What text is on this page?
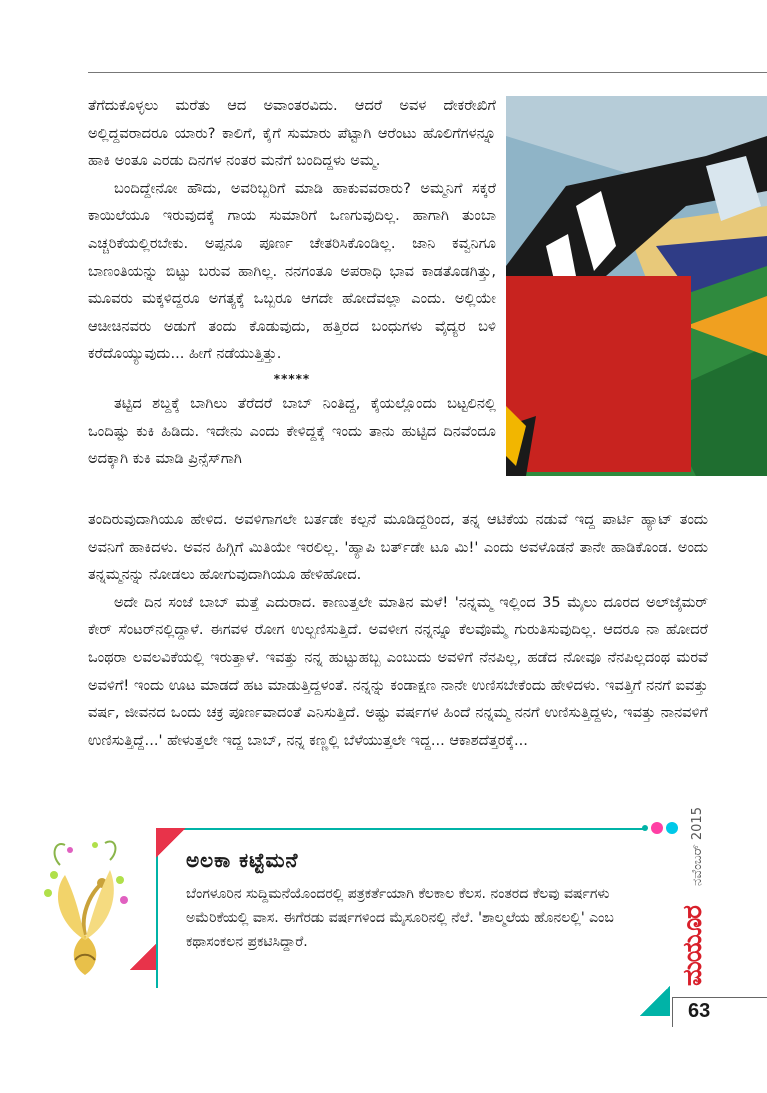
ತೆಗೆದುಕೊಳ್ಳಲು ಮರೆತು ಆದ ಅವಾಂತರವಿದು. ಆದರೆ ಅವಳ ದೇಕರೇಖಿಗೆ ಅಲ್ಲಿದ್ದವರಾದರೂ ಯಾರು? ಕಾಲಿಗೆ, ಕೈಗೆ ಸುಮಾರು ಪೆಟ್ಟಾಗಿ ಆರೆಂಟು ಹೊಲಿಗೆಗಳನ್ನೂ ಹಾಕಿ ಅಂತೂ ಎರಡು ದಿನಗಳ ನಂತರ ಮನೆಗೆ ಬಂದಿದ್ದಳು ಅಮ್ಮ.

ಬಂದಿದ್ದೇನೋ ಹೌದು, ಅವರಿಬ್ಬರಿಗೆ ಮಾಡಿ ಹಾಕುವವರಾರು? ಅಮ್ಮನಿಗೆ ಸಕ್ಕರೆ ಕಾಯಿಲೆಯೂ ಇರುವುದಕ್ಕೆ ಗಾಯ ಸುಮಾರಿಗೆ ಒಣಗುವುದಿಲ್ಲ. ಹಾಗಾಗಿ ತುಂಬಾ ಎಚ್ಚರಿಕೆಯಲ್ಲಿರಬೇಕು. ಅಪ್ಪನೂ ಪೂರ್ಣ ಚೇತರಿಸಿಕೊಂಡಿಲ್ಲ. ಜಾನಿ ಕವ್ವನಿಗೂ ಬಾಣಂತಿಯನ್ನು ಬಿಟ್ಟು ಬರುವ ಹಾಗಿಲ್ಲ. ನನಗಂತೂ ಅಪರಾಧಿ ಭಾವ ಕಾಡತೊಡಗಿತ್ತು, ಮೂವರು ಮಕ್ಕಳಿದ್ದರೂ ಅಗತ್ಯಕ್ಕೆ ಒಬ್ಬರೂ ಆಗದೇ ಹೋದೆವಲ್ಲಾ ಎಂದು. ಅಲ್ಲಿಯೇ ಆಚೀಚಿನವರು ಅಡುಗೆ ತಂದು ಕೊಡುವುದು, ಹತ್ತಿರದ ಬಂಧುಗಳು ವೈದ್ಯರ ಬಳಿ ಕರೆದೊಯ್ಯುವುದು... ಹೀಗೆ ನಡೆಯುತ್ತಿತ್ತು.

*****

ತಟ್ಟಿದ ಶಬ್ದಕ್ಕೆ ಬಾಗಿಲು ತೆರೆದರೆ ಬಾಬ್ ನಿಂತಿದ್ದ, ಕೈಯಲ್ಲೊಂದು ಬಟ್ಟಲಿನಲ್ಲಿ ಒಂದಿಷ್ಟು ಕುಕಿ ಹಿಡಿದು. ಇದೇನು ಎಂದು ಕೇಳಿದ್ದಕ್ಕೆ ಇಂದು ತಾನು ಹುಟ್ಟಿದ ದಿನವೆಂದೂ ಅದಕ್ಕಾಗಿ ಕುಕಿ ಮಾಡಿ ಪ್ರಿನ್ಸೆಸ್‌ಗಾಗಿ

ತಂದಿರುವುದಾಗಿಯೂ ಹೇಳಿದ. ಅವಳಿಗಾಗಲೇ ಬರ್ತಡೇ ಕಲ್ಪನೆ ಮೂಡಿದ್ದರಿಂದ, ತನ್ನ ಆಟಿಕೆಯ ನಡುವೆ ಇದ್ದ ಪಾರ್ಟಿ ಹ್ಯಾಟ್ ತಂದು ಅವನಿಗೆ ಹಾಕಿದಳು. ಅವನ ಹಿಗ್ಗಿಗೆ ಮಿತಿಯೇ ಇರಲಿಲ್ಲ. 'ಹ್ಯಾಪಿ ಬರ್ತ್‌ಡೇ ಟೂ ಮಿ!' ಎಂದು ಅವಳೊಡನೆ ತಾನೇ ಹಾಡಿಕೊಂಡ. ಅಂದು ತನ್ನಮ್ಮನನ್ನು ನೋಡಲು ಹೋಗುವುದಾಗಿಯೂ ಹೇಳಿಹೋದ.

ಅದೇ ದಿನ ಸಂಜೆ ಬಾಬ್ ಮತ್ತೆ ಎದುರಾದ. ಕಾಣುತ್ತಲೇ ಮಾತಿನ ಮಳೆ! 'ನನ್ನಮ್ಮ ಇಲ್ಲಿಂದ 35 ಮೈಲು ದೂರದ ಅಲ್‌ಜೈಮರ್ ಕೇರ್ ಸೆಂಟರ್‌ನಲ್ಲಿದ್ದಾಳೆ. ಈಗವಳ ರೋಗ ಉಲ್ಬಣಿಸುತ್ತಿದೆ. ಅವಳೀಗ ನನ್ನನ್ನೂ ಕೆಲವೊಮ್ಮೆ ಗುರುತಿಸುವುದಿಲ್ಲ. ಆದರೂ ನಾ ಹೋದರೆ ಒಂಥರಾ ಲವಲವಿಕೆಯಲ್ಲಿ ಇರುತ್ತಾಳೆ. ಇವತ್ತು ನನ್ನ ಹುಟ್ಟುಹಬ್ಬ ಎಂಬುದು ಅವಳಿಗೆ ನೆನಪಿಲ್ಲ, ಹಡೆದ ನೋವೂ ನೆನಪಿಲ್ಲದಂಥ ಮರವೆ ಅವಳಿಗೆ! ಇಂದು ಊಟ ಮಾಡದೆ ಹಟ ಮಾಡುತ್ತಿದ್ದಳಂತೆ. ನನ್ನನ್ನು ಕಂಡಾಕ್ಷಣ ನಾನೇ ಉಣಿಸಬೇಕೆಂದು ಹೇಳಿದಳು. ಇವತ್ತಿಗೆ ನನಗೆ ಐವತ್ತು ವರ್ಷ, ಜೀವನದ ಒಂದು ಚಕ್ರ ಪೂರ್ಣವಾದಂತೆ ಎನಿಸುತ್ತಿದೆ. ಅಷ್ಟು ವರ್ಷಗಳ ಹಿಂದೆ ನನ್ನಮ್ಮ ನನಗೆ ಉಣಿಸುತ್ತಿದ್ದಳು, ಇವತ್ತು ನಾನವಳಿಗೆ ಉಣಿಸುತ್ತಿದ್ದೆ...' ಹೇಳುತ್ತಲೇ ಇದ್ದ ಬಾಬ್, ನನ್ನ ಕಣ್ಣಲ್ಲಿ ಬೆಳೆಯುತ್ತಲೇ ಇದ್ದ... ಆಕಾಶದೆತ್ತರಕ್ಕೆ...

ಅಲಕಾ ಕಟ್ಟೆಮನೆ
ಬೆಂಗಳೂರಿನ ಸುದ್ದಿಮನೆಯೊಂದರಲ್ಲಿ ಪತ್ರಕರ್ತೆಯಾಗಿ ಕೆಲಕಾಲ ಕೆಲಸ. ನಂತರದ ಕೆಲವು ವರ್ಷಗಳು ಅಮೆರಿಕೆಯಲ್ಲಿ ವಾಸ. ಈಗೆರಡು ವರ್ಷಗಳಿಂದ ಮೈಸೂರಿನಲ್ಲಿ ನೆಲೆ. 'ಶಾಲ್ಮಲೆಯ ಹೊನಲಲ್ಲಿ' ಎಂಬ ಕಥಾಸಂಕಲನ ಪ್ರಕಟಿಸಿದ್ದಾರೆ.
ನವೆಂಬರ್ 2015
ಮಯೂರ
63
